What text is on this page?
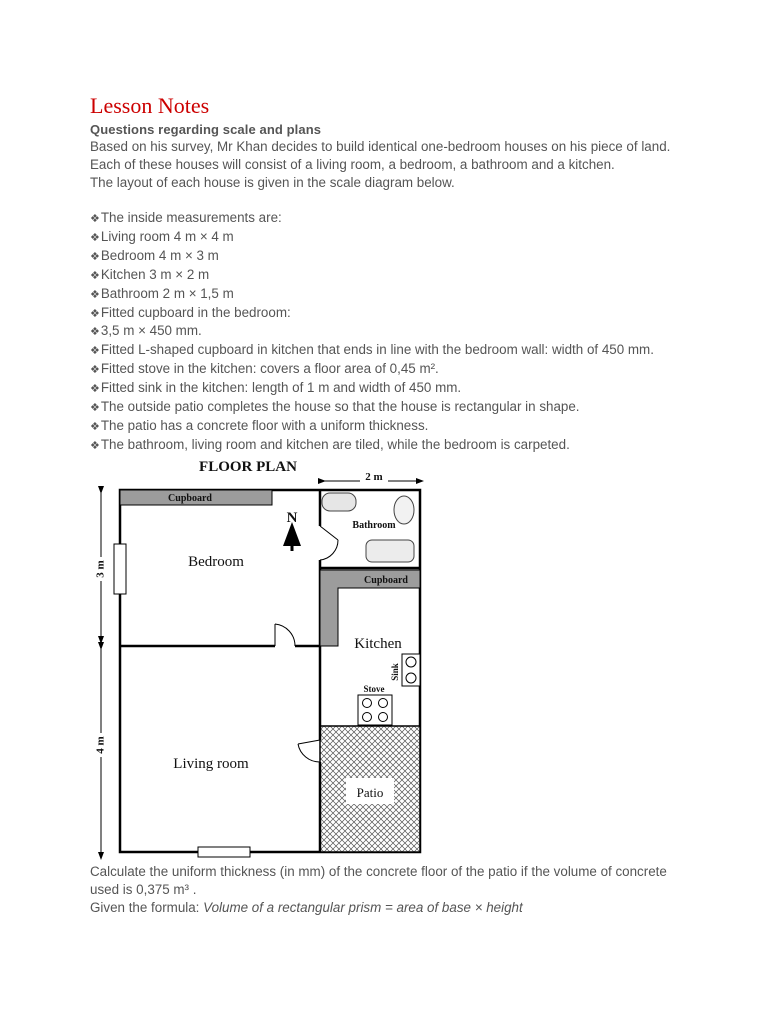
Lesson Notes
Questions regarding scale and plans

Based on his survey, Mr Khan decides to build identical one-bedroom houses on his piece of land. Each of these houses will consist of a living room, a bedroom, a bathroom and a kitchen.

The layout of each house is given in the scale diagram below.

❖ The inside measurements are:
❖ Living room 4 m × 4 m
❖ Bedroom 4 m × 3 m
❖ Kitchen 3 m × 2 m
❖ Bathroom 2 m × 1,5 m
❖ Fitted cupboard in the bedroom:
❖ 3,5 m × 450 mm.
❖ Fitted L-shaped cupboard in kitchen that ends in line with the bedroom wall: width of 450 mm.
❖ Fitted stove in the kitchen: covers a floor area of 0,45 m².
❖ Fitted sink in the kitchen: length of 1 m and width of 450 mm.
❖ The outside patio completes the house so that the house is rectangular in shape.
❖ The patio has a concrete floor with a uniform thickness.
❖ The bathroom, living room and kitchen are tiled, while the bedroom is carpeted.
FLOOR PLAN
2 m
3 m
4 m
Patio
Cupboard
N
Bedroom
Bathroom
Cupboard
Kitchen
Sink
Stove
Living room

Calculate the uniform thickness (in mm) of the concrete floor of the patio if the volume of concrete used is 0,375 m³ .

Given the formula: Volume of a rectangular prism = area of base × height
